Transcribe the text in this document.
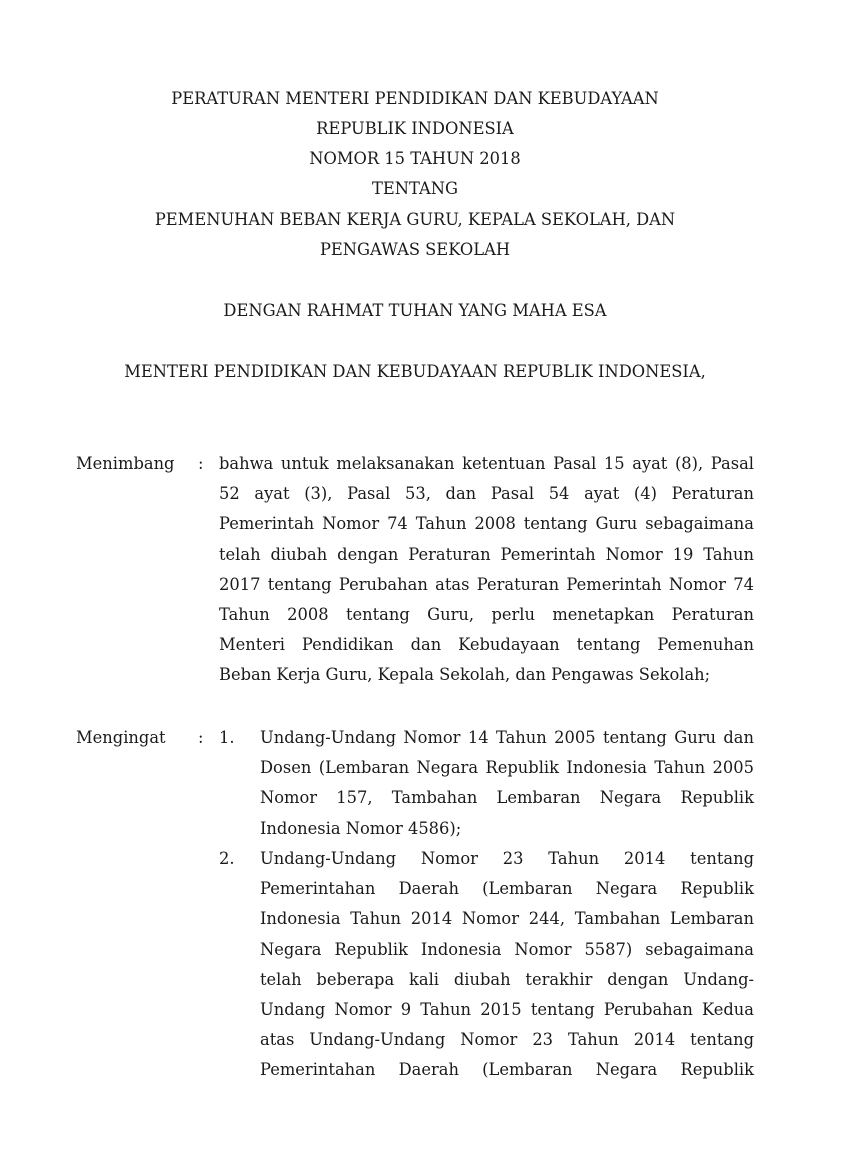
PERATURAN MENTERI PENDIDIKAN DAN KEBUDAYAAN
REPUBLIK INDONESIA
NOMOR 15 TAHUN 2018
TENTANG
PEMENUHAN BEBAN KERJA GURU, KEPALA SEKOLAH, DAN
PENGAWAS SEKOLAH
DENGAN RAHMAT TUHAN YANG MAHA ESA
MENTERI PENDIDIKAN DAN KEBUDAYAAN REPUBLIK INDONESIA,
Menimbang : bahwa untuk melaksanakan ketentuan Pasal 15 ayat (8), Pasal
52 ayat (3), Pasal 53, dan Pasal 54 ayat (4) Peraturan
Pemerintah Nomor 74 Tahun 2008 tentang Guru sebagaimana
telah diubah dengan Peraturan Pemerintah Nomor 19 Tahun
2017 tentang Perubahan atas Peraturan Pemerintah Nomor 74
Tahun 2008 tentang Guru, perlu menetapkan Peraturan
Menteri Pendidikan dan Kebudayaan tentang Pemenuhan
Beban Kerja Guru, Kepala Sekolah, dan Pengawas Sekolah;
Mengingat : 1. Undang-Undang Nomor 14 Tahun 2005 tentang Guru dan
Dosen (Lembaran Negara Republik Indonesia Tahun 2005
Nomor 157, Tambahan Lembaran Negara Republik
Indonesia Nomor 4586);
2. Undang-Undang Nomor 23 Tahun 2014 tentang
Pemerintahan Daerah (Lembaran Negara Republik
Indonesia Tahun 2014 Nomor 244, Tambahan Lembaran
Negara Republik Indonesia Nomor 5587) sebagaimana
telah beberapa kali diubah terakhir dengan Undang-
Undang Nomor 9 Tahun 2015 tentang Perubahan Kedua
atas Undang-Undang Nomor 23 Tahun 2014 tentang
Pemerintahan Daerah (Lembaran Negara Republik
